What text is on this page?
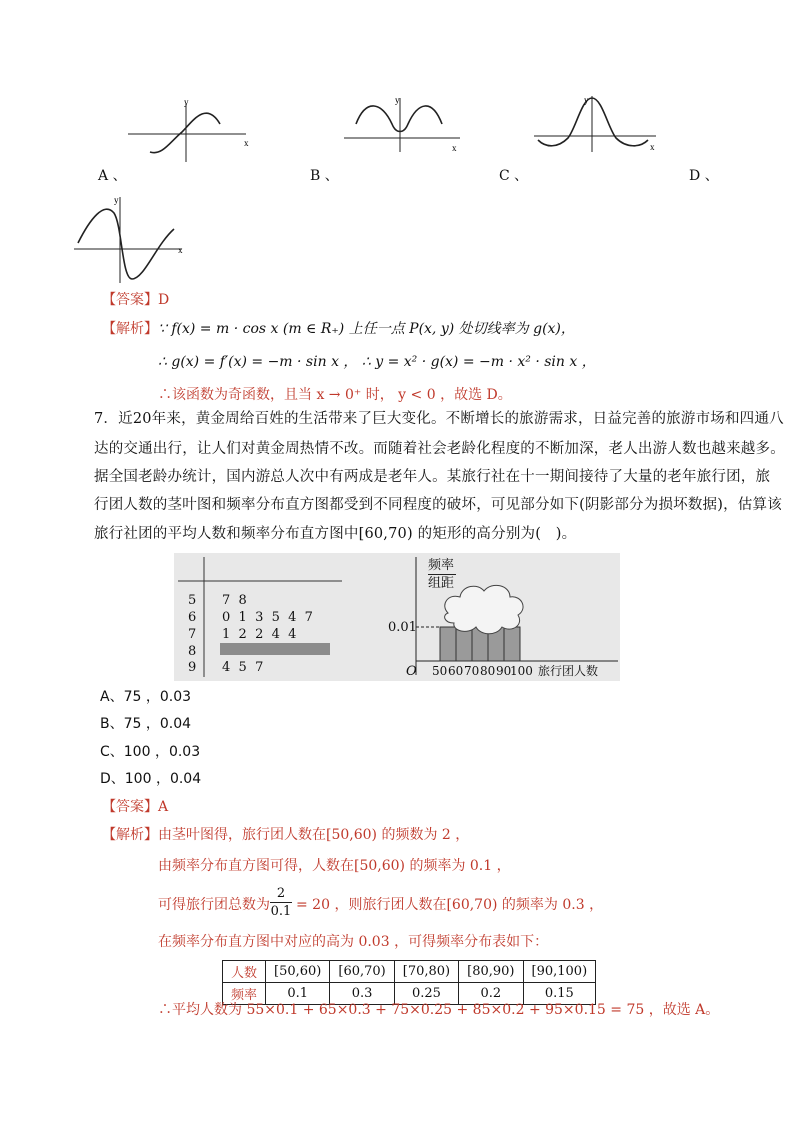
y
x
y
x
y
x
A 、	B 、	C 、	D 、
y
x
【答案】D
【解析】∵ f(x) = m · cos x (m ∈ R₊) 上任一点 P(x, y) 处切线率为 g(x)，
∴ g(x) = f′(x) = −m · sin x ， ∴ y = x² · g(x) = −m · x² · sin x ，
∴该函数为奇函数，且当 x → 0⁺ 时， y < 0 ，故选 D。
7．近20年来，黄金周给百姓的生活带来了巨大变化。不断增长的旅游需求，日益完善的旅游市场和四通八
达的交通出行，让人们对黄金周热情不改。而随着社会老龄化程度的不断加深，老人出游人数也越来越多。
据全国老龄办统计，国内游总人次中有两成是老年人。某旅行社在十一期间接待了大量的老年旅行团，旅
行团人数的茎叶图和频率分布直方图都受到不同程度的破坏，可见部分如下(阴影部分为损坏数据)，估算该
旅行社团的平均人数和频率分布直方图中[60,70) 的矩形的高分别为(　)。
5 7  8
6 0  1  3  5  4  7
7 1  2  2  4  4
8
9 4  5  7
频率
组距
0.01
O 50 60 70 80 90
100 旅行团人数
A、75 ，0.03
B、75 ，0.04
C、100 ，0.03
D、100 ，0.04
【答案】A
【解析】由茎叶图得，旅行团人数在[50,60) 的频数为 2 ，
由频率分布直方图可得，人数在[50,60) 的频率为 0.1 ，
可得旅行团总数为
2
0.1 = 20 ，则旅行团人数在[60,70) 的频率为 0.3 ，
在频率分布直方图中对应的高为 0.03 ，可得频率分布表如下：
人数	[50,60)	[60,70)	[70,80)	[80,90)	[90,100)
频率	0.1	0.3	0.25	0.2	0.15
∴平均人数为 55×0.1 + 65×0.3 + 75×0.25 + 85×0.2 + 95×0.15 = 75 ，故选 A。
